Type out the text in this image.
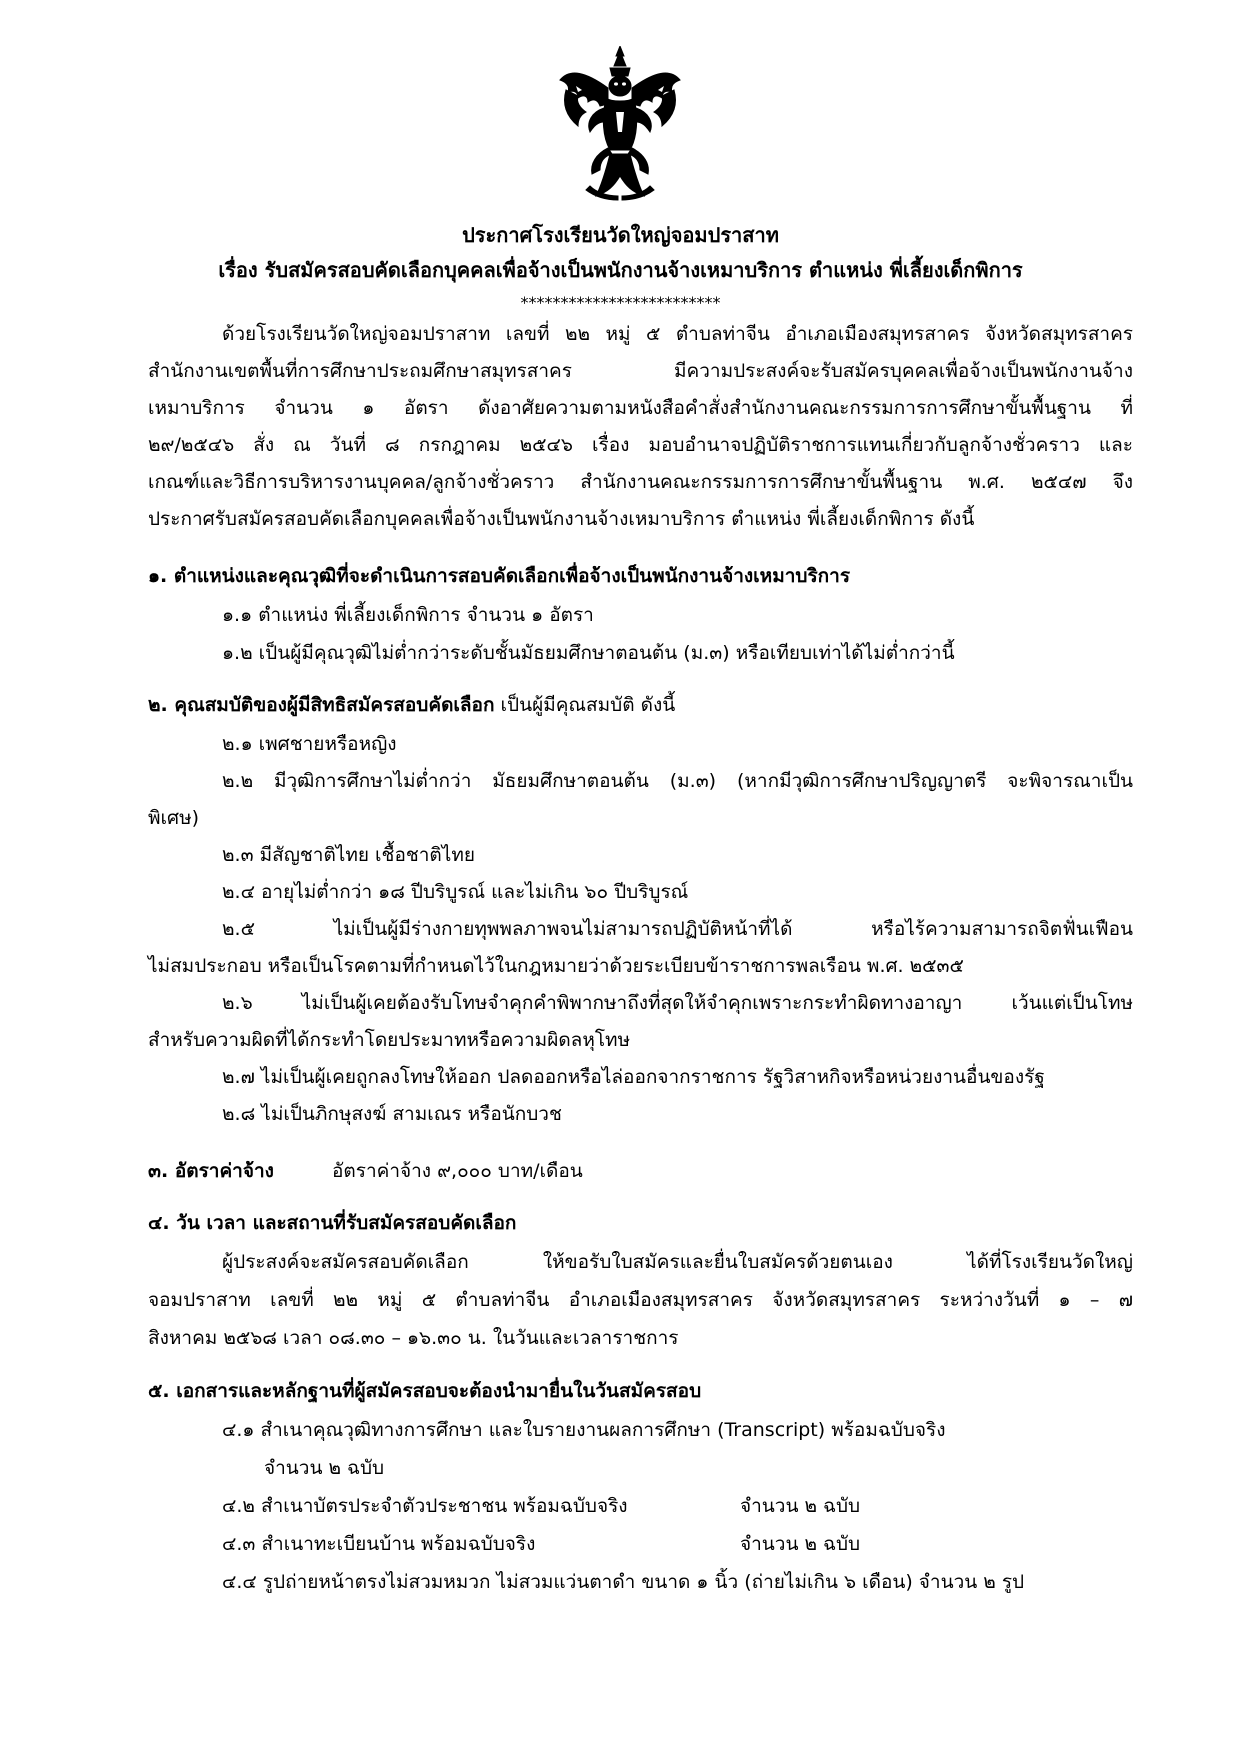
ประกาศโรงเรียนวัดใหญ่จอมปราสาท
เรื่อง รับสมัครสอบคัดเลือกบุคคลเพื่อจ้างเป็นพนักงานจ้างเหมาบริการ ตำแหน่ง พี่เลี้ยงเด็กพิการ
*************************
ด้วยโรงเรียนวัดใหญ่จอมปราสาท เลขที่ ๒๒ หมู่ ๕ ตำบลท่าจีน อำเภอเมืองสมุทรสาคร จังหวัดสมุทรสาคร
สำนักงานเขตพื้นที่การศึกษาประถมศึกษาสมุทรสาคร มีความประสงค์จะรับสมัครบุคคลเพื่อจ้างเป็นพนักงานจ้าง
เหมาบริการ จำนวน ๑ อัตรา ดังอาศัยความตามหนังสือคำสั่งสำนักงานคณะกรรมการการศึกษาขั้นพื้นฐาน ที่
๒๙/๒๕๔๖ สั่ง ณ วันที่ ๘ กรกฎาคม ๒๕๔๖ เรื่อง มอบอำนาจปฏิบัติราชการแทนเกี่ยวกับลูกจ้างชั่วคราว และ
เกณฑ์และวิธีการบริหารงานบุคคล/ลูกจ้างชั่วคราว สำนักงานคณะกรรมการการศึกษาขั้นพื้นฐาน พ.ศ. ๒๕๔๗ จึง
ประกาศรับสมัครสอบคัดเลือกบุคคลเพื่อจ้างเป็นพนักงานจ้างเหมาบริการ ตำแหน่ง พี่เลี้ยงเด็กพิการ ดังนี้
๑. ตำแหน่งและคุณวุฒิที่จะดำเนินการสอบคัดเลือกเพื่อจ้างเป็นพนักงานจ้างเหมาบริการ
๑.๑ ตำแหน่ง พี่เลี้ยงเด็กพิการ จำนวน ๑ อัตรา
๑.๒ เป็นผู้มีคุณวุฒิไม่ต่ำกว่าระดับชั้นมัธยมศึกษาตอนต้น (ม.๓) หรือเทียบเท่าได้ไม่ต่ำกว่านี้
๒. คุณสมบัติของผู้มีสิทธิสมัครสอบคัดเลือก เป็นผู้มีคุณสมบัติ ดังนี้
๒.๑ เพศชายหรือหญิง
๒.๒ มีวุฒิการศึกษาไม่ต่ำกว่า มัธยมศึกษาตอนต้น (ม.๓) (หากมีวุฒิการศึกษาปริญญาตรี จะพิจารณาเป็น
พิเศษ)
๒.๓ มีสัญชาติไทย เชื้อชาติไทย
๒.๔ อายุไม่ต่ำกว่า ๑๘ ปีบริบูรณ์ และไม่เกิน ๖๐ ปีบริบูรณ์
๒.๕ ไม่เป็นผู้มีร่างกายทุพพลภาพจนไม่สามารถปฏิบัติหน้าที่ได้ หรือไร้ความสามารถจิตฟั่นเฟือน
ไม่สมประกอบ หรือเป็นโรคตามที่กำหนดไว้ในกฎหมายว่าด้วยระเบียบข้าราชการพลเรือน พ.ศ. ๒๕๓๕
๒.๖ ไม่เป็นผู้เคยต้องรับโทษจำคุกคำพิพากษาถึงที่สุดให้จำคุกเพราะกระทำผิดทางอาญา เว้นแต่เป็นโทษ
สำหรับความผิดที่ได้กระทำโดยประมาทหรือความผิดลหุโทษ
๒.๗ ไม่เป็นผู้เคยถูกลงโทษให้ออก ปลดออกหรือไล่ออกจากราชการ รัฐวิสาหกิจหรือหน่วยงานอื่นของรัฐ
๒.๘ ไม่เป็นภิกษุสงฆ์ สามเณร หรือนักบวช
๓. อัตราค่าจ้าง	อัตราค่าจ้าง ๙,๐๐๐ บาท/เดือน
๔. วัน เวลา และสถานที่รับสมัครสอบคัดเลือก
ผู้ประสงค์จะสมัครสอบคัดเลือก ให้ขอรับใบสมัครและยื่นใบสมัครด้วยตนเอง ได้ที่โรงเรียนวัดใหญ่
จอมปราสาท เลขที่ ๒๒ หมู่ ๕ ตำบลท่าจีน อำเภอเมืองสมุทรสาคร จังหวัดสมุทรสาคร ระหว่างวันที่ ๑ – ๗
สิงหาคม ๒๕๖๘ เวลา ๐๘.๓๐ – ๑๖.๓๐ น. ในวันและเวลาราชการ
๕. เอกสารและหลักฐานที่ผู้สมัครสอบจะต้องนำมายื่นในวันสมัครสอบ
๔.๑ สำเนาคุณวุฒิทางการศึกษา และใบรายงานผลการศึกษา (Transcript) พร้อมฉบับจริง
จำนวน ๒ ฉบับ
๔.๒ สำเนาบัตรประจำตัวประชาชน พร้อมฉบับจริง	จำนวน ๒ ฉบับ
๔.๓ สำเนาทะเบียนบ้าน พร้อมฉบับจริง	จำนวน ๒ ฉบับ
๔.๔ รูปถ่ายหน้าตรงไม่สวมหมวก ไม่สวมแว่นตาดำ ขนาด ๑ นิ้ว (ถ่ายไม่เกิน ๖ เดือน) จำนวน ๒ รูป
